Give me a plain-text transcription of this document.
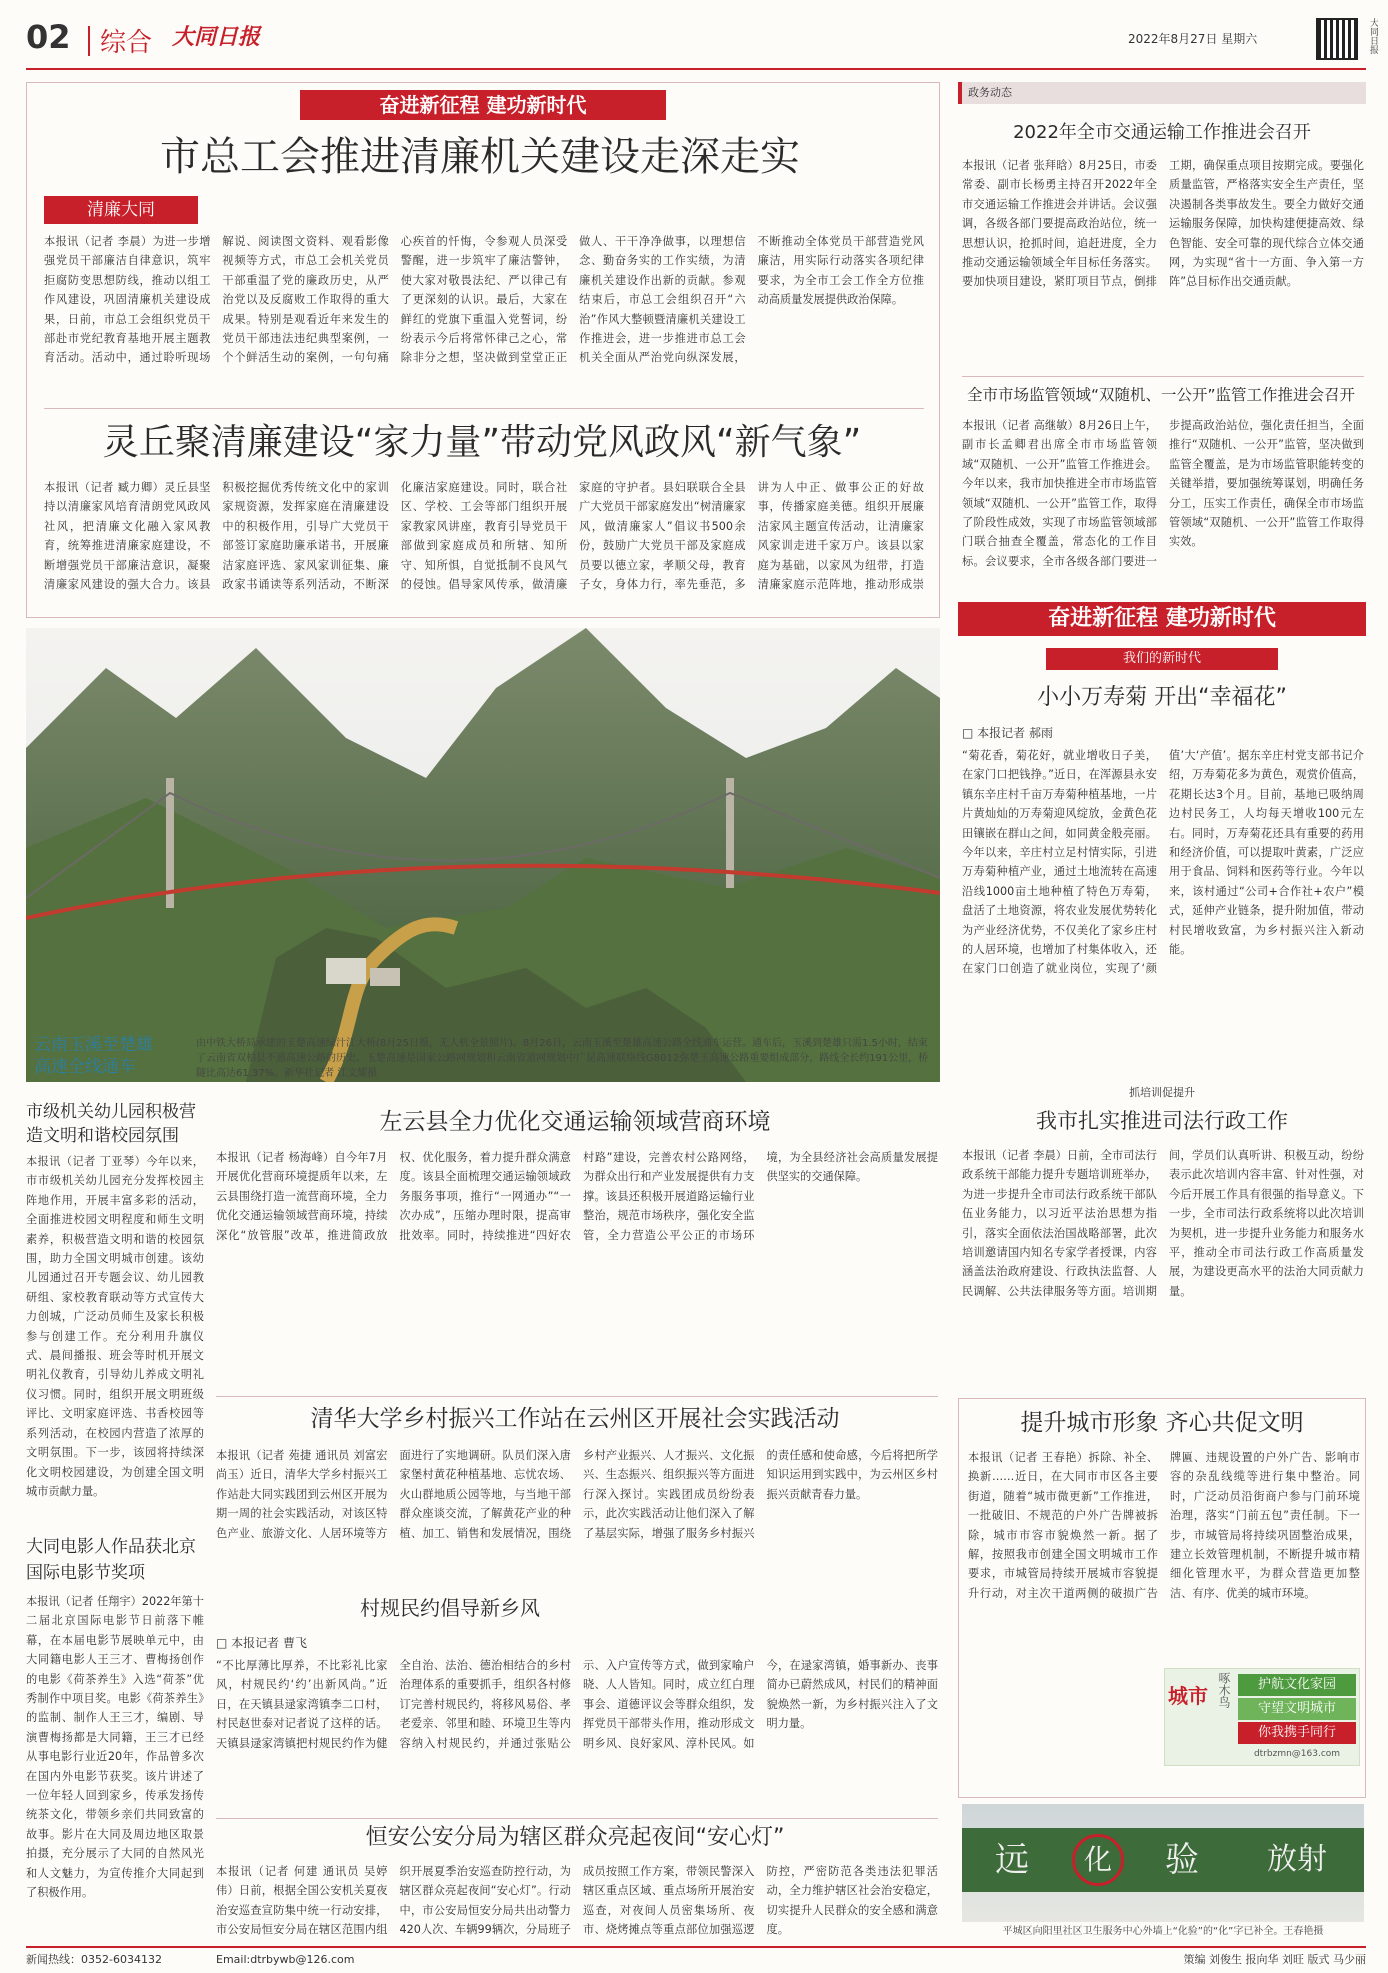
02 综合 大同日报	2022年8月27日 星期六	大同日报
奋进新征程 建功新时代
市总工会推进清廉机关建设走深走实
清廉大同
本报讯（记者 李晨）为进一步增强党员干部廉洁自律意识，筑牢拒腐防变思想防线，推动以组工作风建设，巩固清廉机关建设成果，日前，市总工会组织党员干部赴市党纪教育基地开展主题教育活动。活动中，通过聆听现场解说、阅读图文资料、观看影像视频等方式，市总工会机关党员干部重温了党的廉政历史，从严治党以及反腐败工作取得的重大成果。特别是观看近年来发生的党员干部违法违纪典型案例，一个个鲜活生动的案例，一句句痛心疾首的忏悔，令参观人员深受警醒，进一步筑牢了廉洁警钟，使大家对敬畏法纪、严以律己有了更深刻的认识。最后，大家在鲜红的党旗下重温入党誓词，纷纷表示今后将常怀律己之心，常除非分之想，坚决做到堂堂正正做人、干干净净做事，以理想信念、勤奋务实的工作实绩，为清廉机关建设作出新的贡献。参观结束后，市总工会组织召开“六治”作风大整顿暨清廉机关建设工作推进会，进一步推进市总工会机关全面从严治党向纵深发展，不断推动全体党员干部营造党风廉洁，用实际行动落实各项纪律要求，为全市工会工作全方位推动高质量发展提供政治保障。
灵丘聚清廉建设“家力量”带动党风政风“新气象”
本报讯（记者 臧力卿）灵丘县坚持以清廉家风培育清朗党风政风社风，把清廉文化融入家风教育，统筹推进清廉家庭建设，不断增强党员干部廉洁意识，凝聚清廉家风建设的强大合力。该县积极挖掘优秀传统文化中的家训家规资源，发挥家庭在清廉建设中的积极作用，引导广大党员干部签订家庭助廉承诺书，开展廉洁家庭评选、家风家训征集、廉政家书诵读等系列活动，不断深化廉洁家庭建设。同时，联合社区、学校、工会等部门组织开展家教家风讲座，教育引导党员干部做到家庭成员和所辖、知所守、知所惧，自觉抵制不良风气的侵蚀。倡导家风传承，做清廉家庭的守护者。县妇联联合全县广大党员干部家庭发出“树清廉家风，做清廉家人”倡议书500余份，鼓励广大党员干部及家庭成员要以德立家，孝顺父母，教育子女，身体力行，率先垂范，多讲为人中正、做事公正的好故事，传播家庭美德。组织开展廉洁家风主题宣传活动，让清廉家风家训走进千家万户。该县以家庭为基础，以家风为纽带，打造清廉家庭示范阵地，推动形成崇
政务动态
2022年全市交通运输工作推进会召开
本报讯（记者 张拜晗）8月25日，市委常委、副市长杨勇主持召开2022年全市交通运输工作推进会并讲话。会议强调，各级各部门要提高政治站位，统一思想认识，抢抓时间，追赶进度，全力推动交通运输领域全年目标任务落实。要加快项目建设，紧盯项目节点，倒排工期，确保重点项目按期完成。要强化质量监管，严格落实安全生产责任，坚决遏制各类事故发生。要全力做好交通运输服务保障，加快构建便捷高效、绿色智能、安全可靠的现代综合立体交通网，为实现“省十一方面、争入第一方阵”总目标作出交通贡献。
全市市场监管领域“双随机、一公开”监管工作推进会召开
本报讯（记者 高继敏）8月26日上午，副市长孟卿君出席全市市场监管领域“双随机、一公开”监管工作推进会。今年以来，我市加快推进全市市场监管领域“双随机、一公开”监管工作，取得了阶段性成效，实现了市场监管领域部门联合抽查全覆盖，常态化的工作目标。会议要求，全市各级各部门要进一步提高政治站位，强化责任担当，全面推行“双随机、一公开”监管，坚决做到监管全覆盖，是为市场监管职能转变的关键举措，要加强统筹谋划，明确任务分工，压实工作责任，确保全市市场监管领域“双随机、一公开”监管工作取得实效。
云南玉溪至楚雄
高速全线通车
由中铁大桥局承建的玉楚高速绿汁江大桥(8月25日摄，无人机全景照片)。8月26日，云南玉溪至楚雄高速公路全线通车运营。通车后，玉溪到楚雄只需1.5小时，结束了云南省双柏县不通高速公路的历史。玉楚高速是国家公路网规划和云南省道网规划中广昆高速联络线G8012弥楚玉高速公路重要组成部分，路线全长约191公里，桥隧比高达61.37%。新华社记者 江文耀摄
奋进新征程 建功新时代
我们的新时代
小小万寿菊 开出“幸福花”
□ 本报记者 郝雨
“菊花香，菊花好，就业增收日子美，在家门口把钱挣。”近日，在浑源县永安镇东辛庄村千亩万寿菊种植基地，一片片黄灿灿的万寿菊迎风绽放，金黄色花田镶嵌在群山之间，如同黄金般亮丽。今年以来，辛庄村立足村情实际，引进万寿菊种植产业，通过土地流转在高速沿线1000亩土地种植了特色万寿菊，盘活了土地资源，将农业发展优势转化为产业经济优势，不仅美化了家乡庄村的人居环境，也增加了村集体收入，还在家门口创造了就业岗位，实现了‘颜值’大‘产值’。据东辛庄村党支部书记介绍，万寿菊花多为黄色，观赏价值高，花期长达3个月。目前，基地已吸纳周边村民务工，人均每天增收100元左右。同时，万寿菊花还具有重要的药用和经济价值，可以提取叶黄素，广泛应用于食品、饲料和医药等行业。今年以来，该村通过“公司+合作社+农户”模式，延伸产业链条，提升附加值，带动村民增收致富，为乡村振兴注入新动能。
抓培训促提升
我市扎实推进司法行政工作
本报讯（记者 李晨）日前，全市司法行政系统干部能力提升专题培训班举办，为进一步提升全市司法行政系统干部队伍业务能力，以习近平法治思想为指引，落实全面依法治国战略部署，此次培训邀请国内知名专家学者授课，内容涵盖法治政府建设、行政执法监督、人民调解、公共法律服务等方面。培训期间，学员们认真听讲、积极互动，纷纷表示此次培训内容丰富、针对性强，对今后开展工作具有很强的指导意义。下一步，全市司法行政系统将以此次培训为契机，进一步提升业务能力和服务水平，推动全市司法行政工作高质量发展，为建设更高水平的法治大同贡献力量。
市级机关幼儿园积极营造文明和谐校园氛围
本报讯（记者 丁亚琴）今年以来，市市级机关幼儿园充分发挥校园主阵地作用，开展丰富多彩的活动，全面推进校园文明程度和师生文明素养，积极营造文明和谐的校园氛围，助力全国文明城市创建。该幼儿园通过召开专题会议、幼儿园教研组、家校教育联动等方式宣传大力创城，广泛动员师生及家长积极参与创建工作。充分利用升旗仪式、晨间播报、班会等时机开展文明礼仪教育，引导幼儿养成文明礼仪习惯。同时，组织开展文明班级评比、文明家庭评选、书香校园等系列活动，在校园内营造了浓厚的文明氛围。下一步，该园将持续深化文明校园建设，为创建全国文明城市贡献力量。
左云县全力优化交通运输领域营商环境
本报讯（记者 杨海峰）自今年7月开展优化营商环境提质年以来，左云县围绕打造一流营商环境，全力优化交通运输领域营商环境，持续深化“放管服”改革，推进简政放权、优化服务，着力提升群众满意度。该县全面梳理交通运输领域政务服务事项，推行“一网通办”“一次办成”，压缩办理时限，提高审批效率。同时，持续推进“四好农村路”建设，完善农村公路网络，为群众出行和产业发展提供有力支撑。该县还积极开展道路运输行业整治，规范市场秩序，强化安全监管，全力营造公平公正的市场环境，为全县经济社会高质量发展提供坚实的交通保障。
清华大学乡村振兴工作站在云州区开展社会实践活动
本报讯（记者 苑捷 通讯员 刘富宏 尚玉）近日，清华大学乡村振兴工作站赴大同实践团到云州区开展为期一周的社会实践活动，对该区特色产业、旅游文化、人居环境等方面进行了实地调研。队员们深入唐家堡村黄花种植基地、忘忧农场、火山群地质公园等地，与当地干部群众座谈交流，了解黄花产业的种植、加工、销售和发展情况，围绕乡村产业振兴、人才振兴、文化振兴、生态振兴、组织振兴等方面进行深入探讨。实践团成员纷纷表示，此次实践活动让他们深入了解了基层实际，增强了服务乡村振兴的责任感和使命感，今后将把所学知识运用到实践中，为云州区乡村振兴贡献青春力量。
提升城市形象 齐心共促文明
本报讯（记者 王春艳）拆除、补全、换新……近日，在大同市市区各主要街道，随着“城市微更新”工作推进，一批破旧、不规范的户外广告牌被拆除，城市市容市貌焕然一新。据了解，按照我市创建全国文明城市工作要求，市城管局持续开展城市容貌提升行动，对主次干道两侧的破损广告牌匾、违规设置的户外广告、影响市容的杂乱线缆等进行集中整治。同时，广泛动员沿街商户参与门前环境治理，落实“门前五包”责任制。下一步，市城管局将持续巩固整治成果，建立长效管理机制，不断提升城市精细化管理水平，为群众营造更加整洁、有序、优美的城市环境。
城市 啄木鸟	护航文化家园
守望文明城市
你我携手同行
dtrbzmn@163.com
大同电影人作品获北京国际电影节奖项
本报讯（记者 任翔宇）2022年第十二届北京国际电影节日前落下帷幕，在本届电影节展映单元中，由大同籍电影人王三才、曹梅扬创作的电影《荷茶养生》入选“荷茶”优秀制作中项目奖。电影《荷茶养生》的监制、制作人王三才，编剧、导演曹梅扬都是大同籍，王三才已经从事电影行业近20年，作品曾多次在国内外电影节获奖。该片讲述了一位年轻人回到家乡，传承发扬传统茶文化，带领乡亲们共同致富的故事。影片在大同及周边地区取景拍摄，充分展示了大同的自然风光和人文魅力，为宣传推介大同起到了积极作用。
村规民约倡导新乡风
□ 本报记者 曹飞
“不比厚薄比厚养，不比彩礼比家风，村规民约‘约’出新风尚。”近日，在天镇县逯家湾镇李二口村，村民赵世泰对记者说了这样的话。天镇县逯家湾镇把村规民约作为健全自治、法治、德治相结合的乡村治理体系的重要抓手，组织各村修订完善村规民约，将移风易俗、孝老爱亲、邻里和睦、环境卫生等内容纳入村规民约，并通过张贴公示、入户宣传等方式，做到家喻户晓、人人皆知。同时，成立红白理事会、道德评议会等群众组织，发挥党员干部带头作用，推动形成文明乡风、良好家风、淳朴民风。如今，在逯家湾镇，婚事新办、丧事简办已蔚然成风，村民们的精神面貌焕然一新，为乡村振兴注入了文明力量。
恒安公安分局为辖区群众亮起夜间“安心灯”
本报讯（记者 何建 通讯员 吴婷伟）日前，根据全国公安机关夏夜治安巡查宣防集中统一行动安排，市公安局恒安分局在辖区范围内组织开展夏季治安巡查防控行动，为辖区群众亮起夜间“安心灯”。行动中，市公安局恒安分局共出动警力420人次、车辆99辆次，分局班子成员按照工作方案，带领民警深入辖区重点区域、重点场所开展治安巡查，对夜间人员密集场所、夜市、烧烤摊点等重点部位加强巡逻防控，严密防范各类违法犯罪活动，全力维护辖区社会治安稳定，切实提升人民群众的安全感和满意度。
远	化	验	放射
平城区向阳里社区卫生服务中心外墙上“化验”的“化”字已补全。王春艳摄
新闻热线：0352-6034132	Email:dtrbywb@126.com	策编 刘俊生 报向华 刘旺 版式 马少丽
